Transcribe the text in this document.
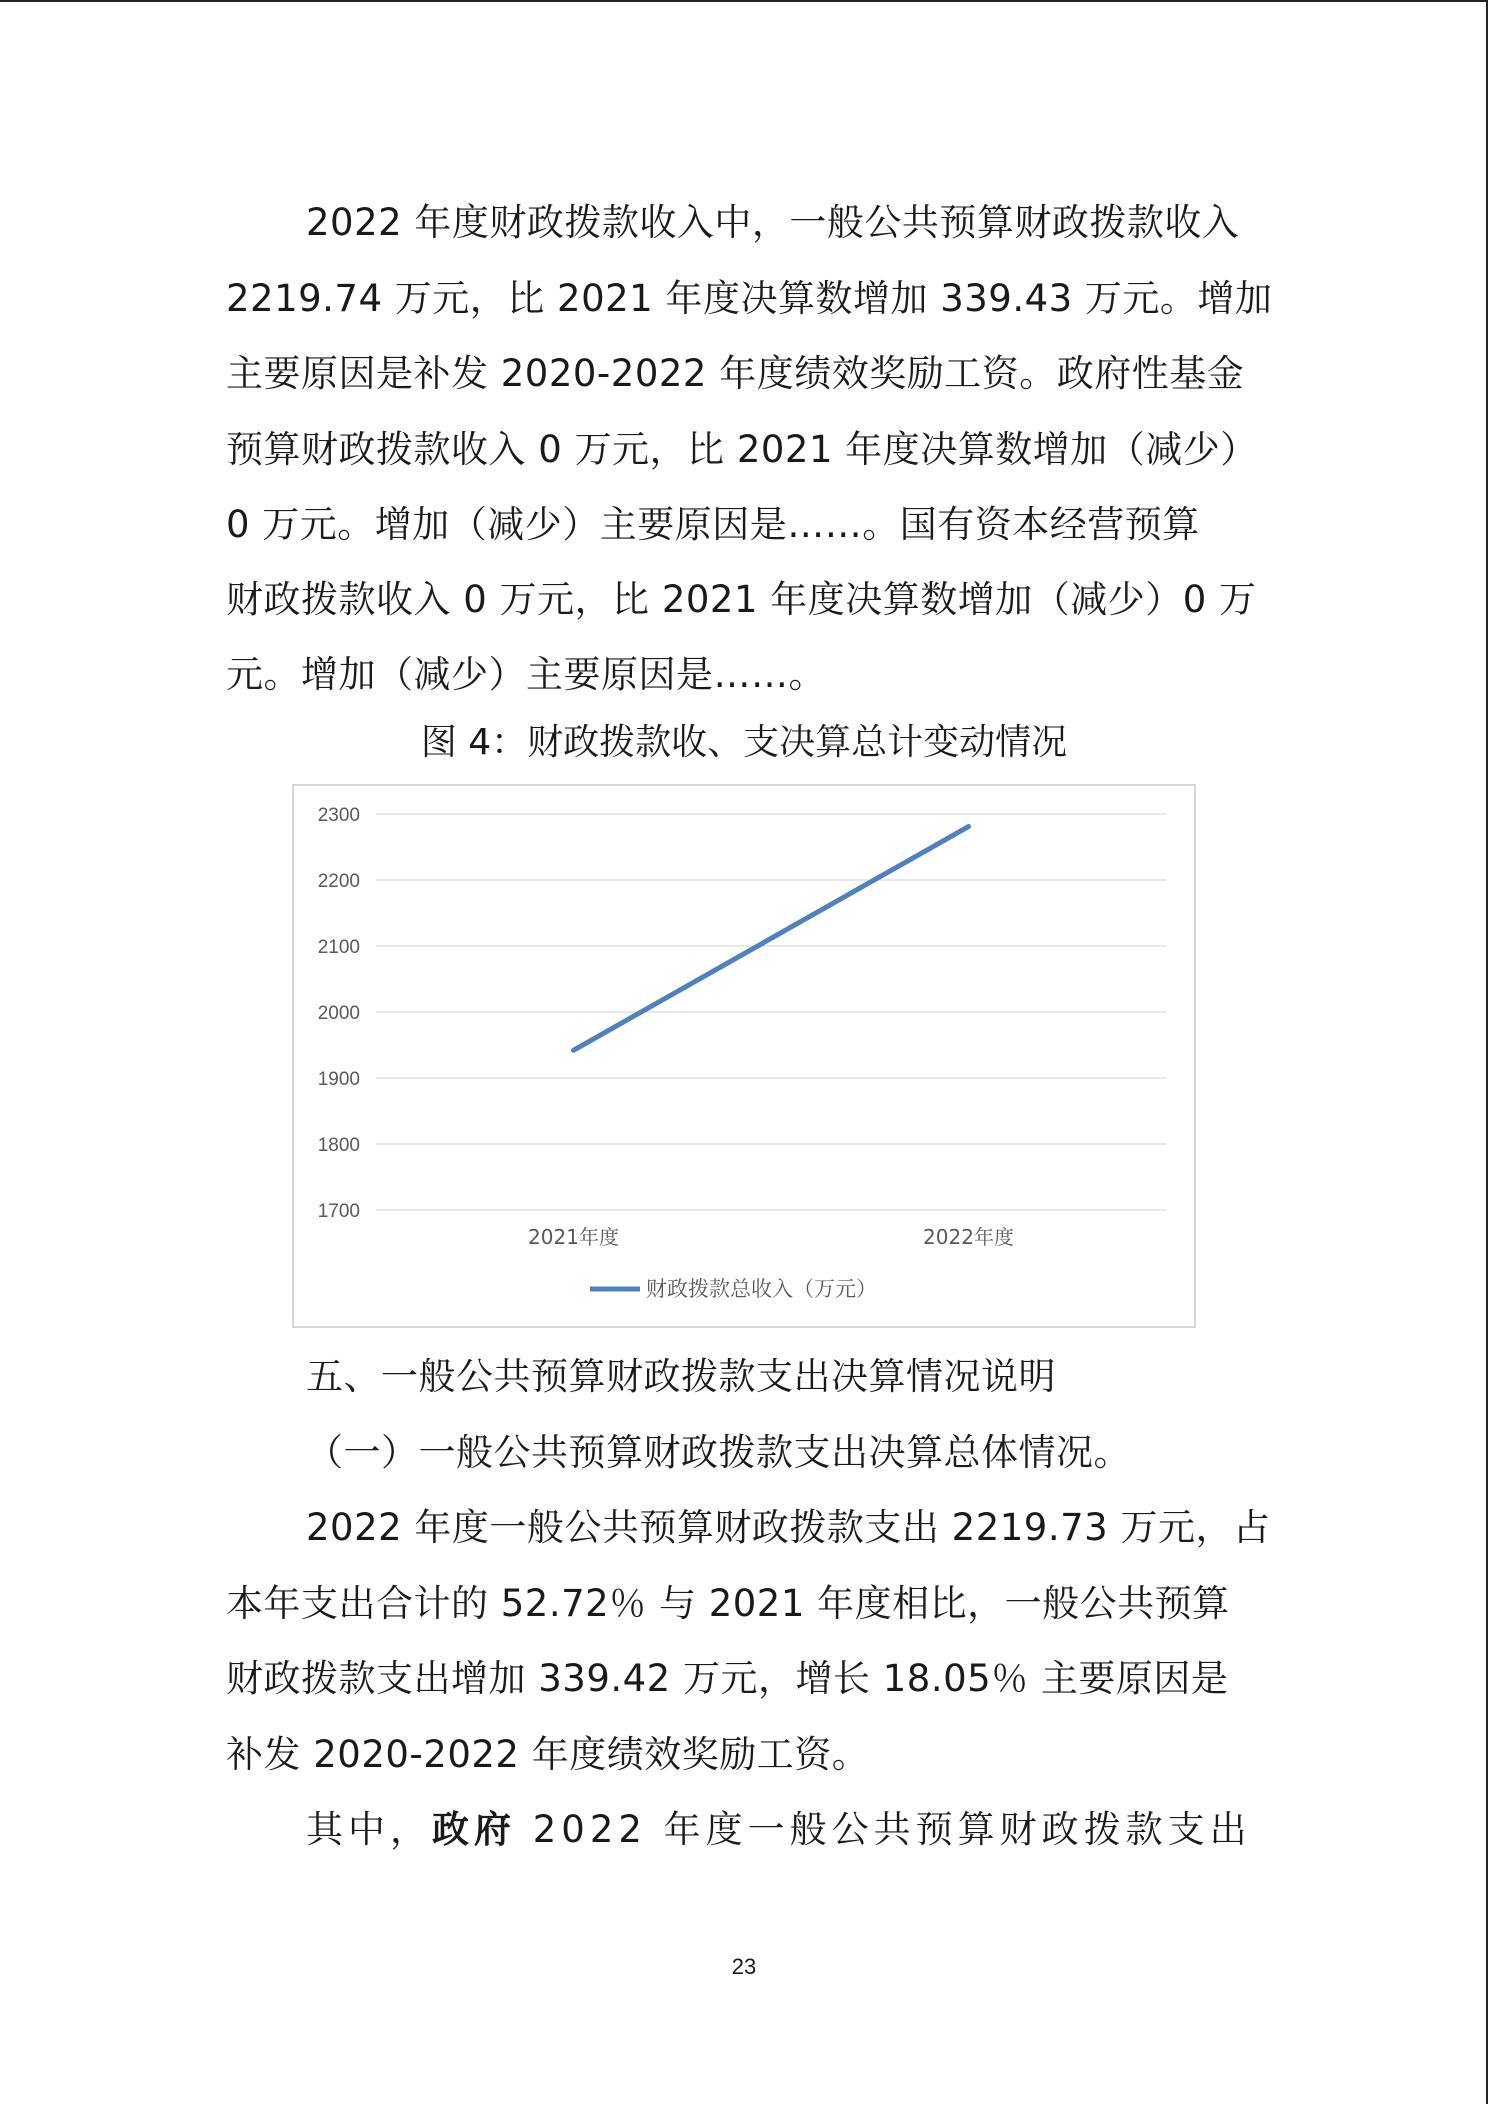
2022 年度财政拨款收入中，一般公共预算财政拨款收入
2219.74 万元，比 2021 年度决算数增加 339.43 万元。增加
主要原因是补发 2020-2022 年度绩效奖励工资。政府性基金
预算财政拨款收入 0 万元，比 2021 年度决算数增加（减少）
0 万元。增加（减少）主要原因是……。国有资本经营预算
财政拨款收入 0 万元，比 2021 年度决算数增加（减少）0 万
元。增加（减少）主要原因是……。
图 4：财政拨款收、支决算总计变动情况
1700
1800
1900
2000
2100
2200
2300
2021年度	2022年度
财政拨款总收入（万元）
五、一般公共预算财政拨款支出决算情况说明
（一）一般公共预算财政拨款支出决算总体情况。
2022 年度一般公共预算财政拨款支出 2219.73 万元，占
本年支出合计的 52.72％ 与 2021 年度相比，一般公共预算
财政拨款支出增加 339.42 万元，增长 18.05％ 主要原因是
补发 2020-2022 年度绩效奖励工资。
其中，政府 2022 年度一般公共预算财政拨款支出
23
